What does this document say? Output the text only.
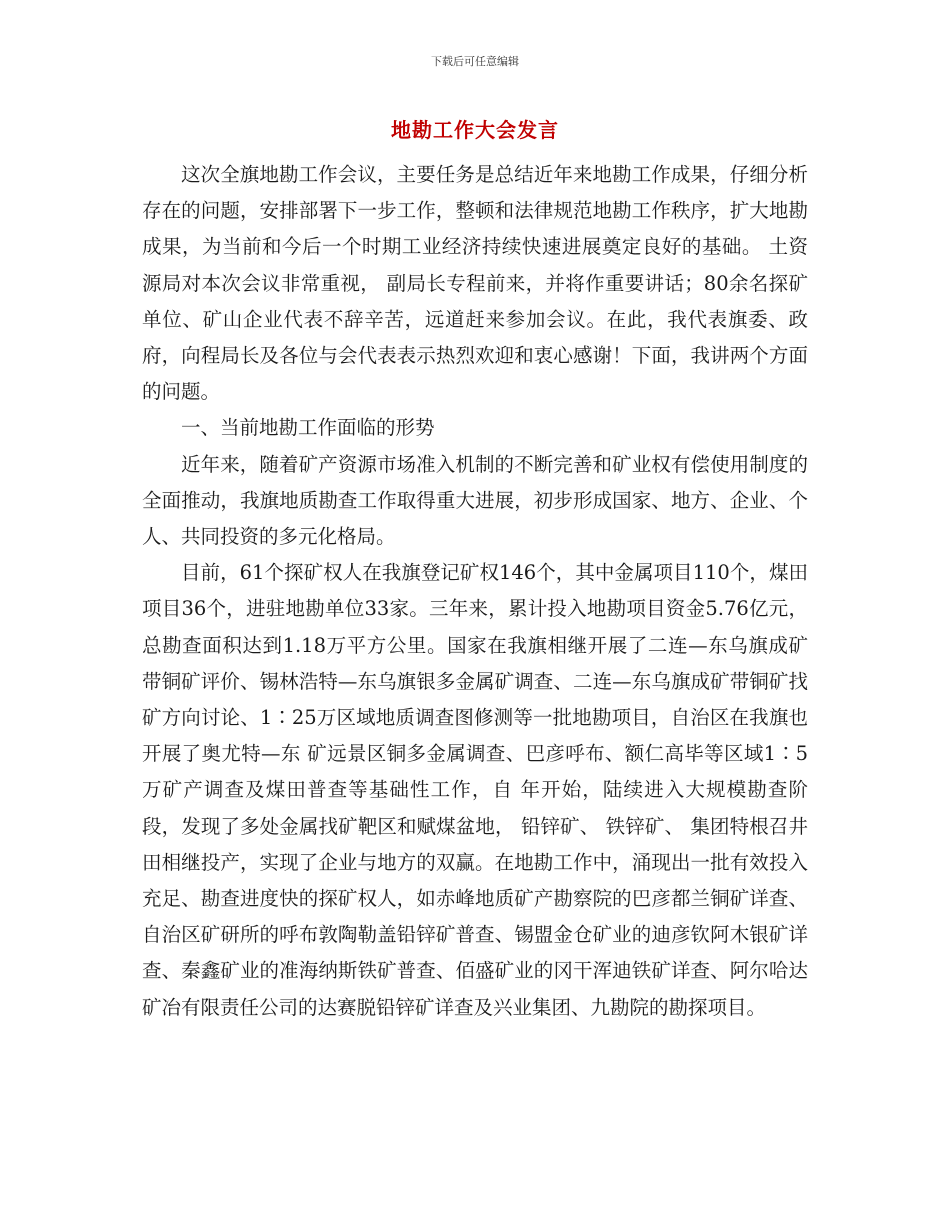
下载后可任意编辑
地勘工作大会发言

这次全旗地勘工作会议，主要任务是总结近年来地勘工作成果，仔细分析存在的问题，安排部署下一步工作，整顿和法律规范地勘工作秩序，扩大地勘成果，为当前和今后一个时期工业经济持续快速进展奠定良好的基础。 土资源局对本次会议非常重视， 副局长专程前来，并将作重要讲话；80余名探矿单位、矿山企业代表不辞辛苦，远道赶来参加会议。在此，我代表旗委、政府，向程局长及各位与会代表表示热烈欢迎和衷心感谢！下面，我讲两个方面的问题。

一、当前地勘工作面临的形势

近年来，随着矿产资源市场准入机制的不断完善和矿业权有偿使用制度的全面推动，我旗地质勘查工作取得重大进展，初步形成国家、地方、企业、个人、共同投资的多元化格局。

目前，61个探矿权人在我旗登记矿权146个，其中金属项目110个，煤田项目36个，进驻地勘单位33家。三年来，累计投入地勘项目资金5.76亿元，总勘查面积达到1.18万平方公里。国家在我旗相继开展了二连—东乌旗成矿带铜矿评价、锡林浩特—东乌旗银多金属矿调查、二连—东乌旗成矿带铜矿找矿方向讨论、1∶25万区域地质调查图修测等一批地勘项目，自治区在我旗也开展了奥尤特—东 矿远景区铜多金属调查、巴彦呼布、额仁高毕等区域1∶5万矿产调查及煤田普查等基础性工作，自 年开始，陆续进入大规模勘查阶段，发现了多处金属找矿靶区和赋煤盆地， 铅锌矿、 铁锌矿、 集团特根召井田相继投产，实现了企业与地方的双赢。在地勘工作中，涌现出一批有效投入充足、勘查进度快的探矿权人，如赤峰地质矿产勘察院的巴彦都兰铜矿详查、自治区矿研所的呼布敦陶勒盖铅锌矿普查、锡盟金仓矿业的迪彦钦阿木银矿详查、秦鑫矿业的准海纳斯铁矿普查、佰盛矿业的冈干浑迪铁矿详查、阿尔哈达矿冶有限责任公司的达赛脱铅锌矿详查及兴业集团、九勘院的勘探项目。
